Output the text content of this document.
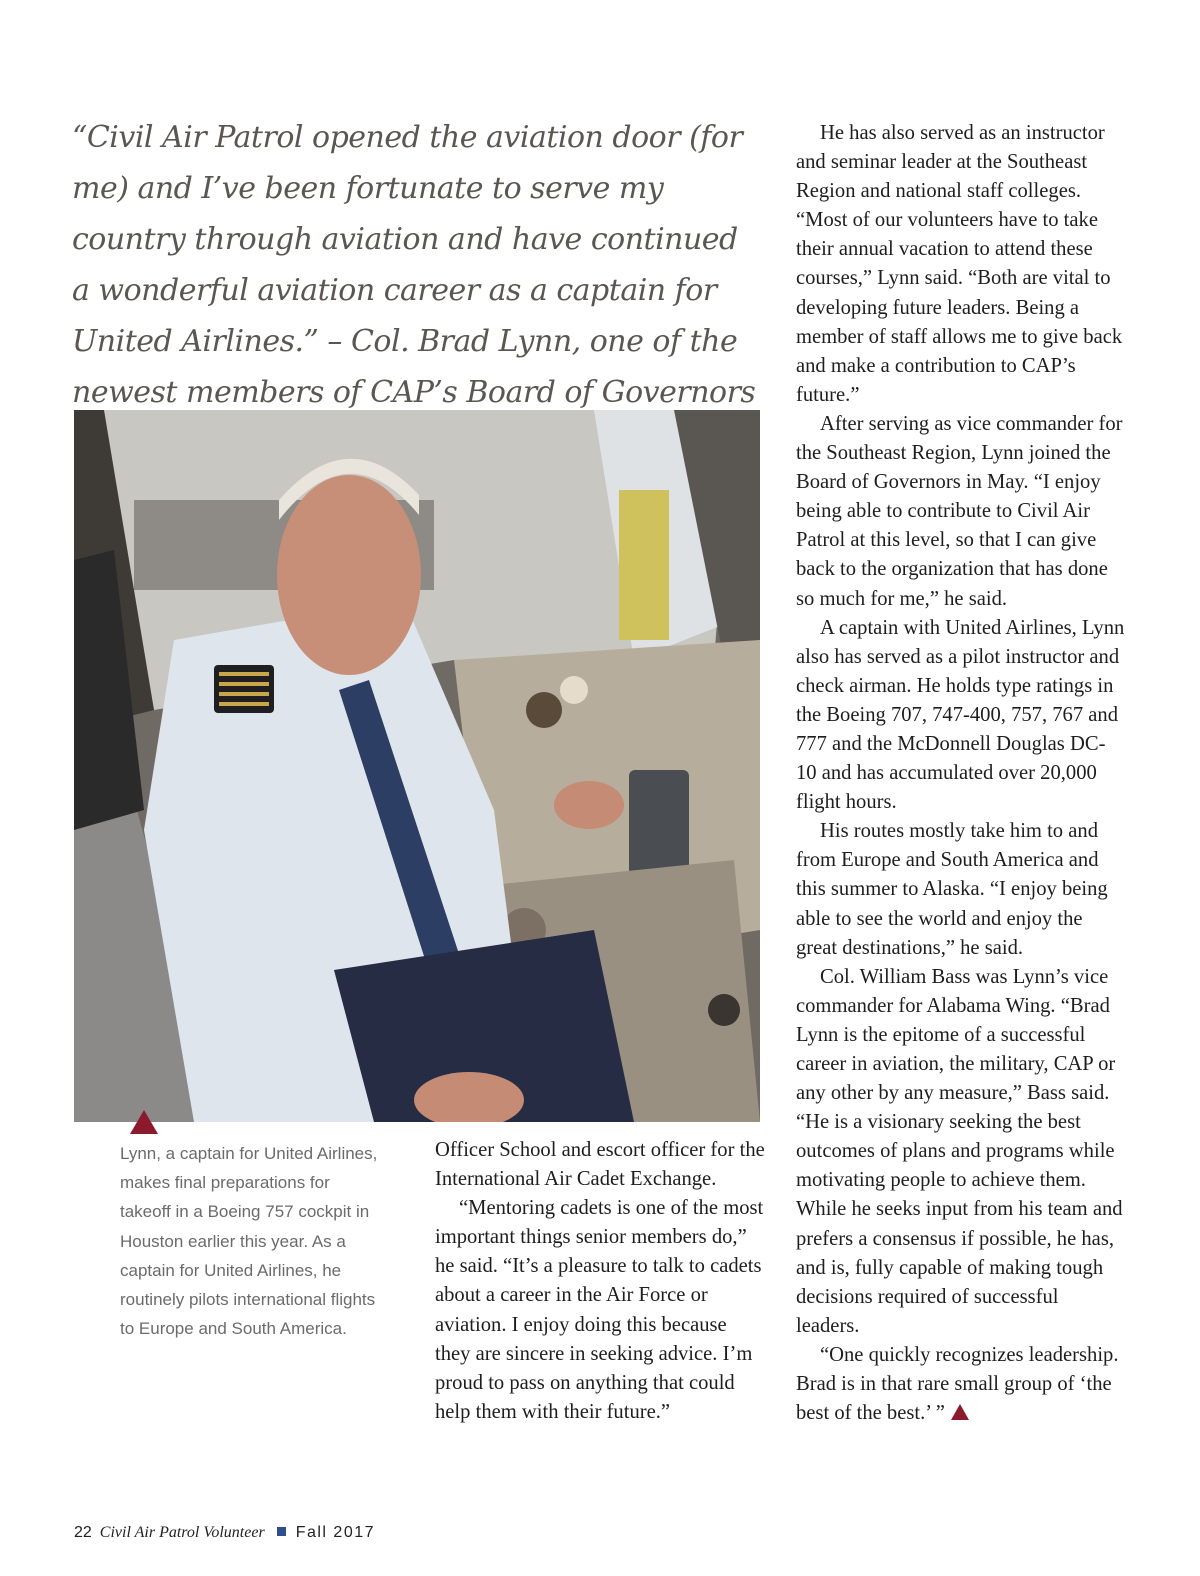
“Civil Air Patrol opened the aviation door (for me) and I’ve been fortunate to serve my country through aviation and have continued a wonderful aviation career as a captain for United Airlines.” – Col. Brad Lynn, one of the newest members of CAP’s Board of Governors
Lynn, a captain for United Airlines, makes final preparations for takeoff in a Boeing 757 cockpit in Houston earlier this year. As a captain for United Airlines, he routinely pilots international flights to Europe and South America.

Officer School and escort officer for the International Air Cadet Exchange.

“Mentoring cadets is one of the most important things senior members do,” he said. “It’s a pleasure to talk to cadets about a career in the Air Force or aviation. I enjoy doing this because they are sincere in seeking advice. I’m proud to pass on anything that could help them with their future.”

He has also served as an instructor and seminar leader at the Southeast Region and national staff colleges. “Most of our volunteers have to take their annual vacation to attend these courses,” Lynn said. “Both are vital to developing future leaders. Being a member of staff allows me to give back and make a contribution to CAP’s future.”

After serving as vice commander for the Southeast Region, Lynn joined the Board of Governors in May. “I enjoy being able to contribute to Civil Air Patrol at this level, so that I can give back to the organization that has done so much for me,” he said.

A captain with United Airlines, Lynn also has served as a pilot instructor and check airman. He holds type ratings in the Boeing 707, 747-400, 757, 767 and 777 and the McDonnell Douglas DC-10 and has accumulated over 20,000 flight hours.

His routes mostly take him to and from Europe and South America and this summer to Alaska. “I enjoy being able to see the world and enjoy the great destinations,” he said.

Col. William Bass was Lynn’s vice commander for Alabama Wing. “Brad Lynn is the epitome of a successful career in aviation, the military, CAP or any other by any measure,” Bass said. “He is a visionary seeking the best outcomes of plans and programs while motivating people to achieve them. While he seeks input from his team and prefers a consensus if possible, he has, and is, fully capable of making tough decisions required of successful leaders.

“One quickly recognizes leadership. Brad is in that rare small group of ‘the best of the best.’ ”

22 Civil Air Patrol Volunteer Fall 2017
